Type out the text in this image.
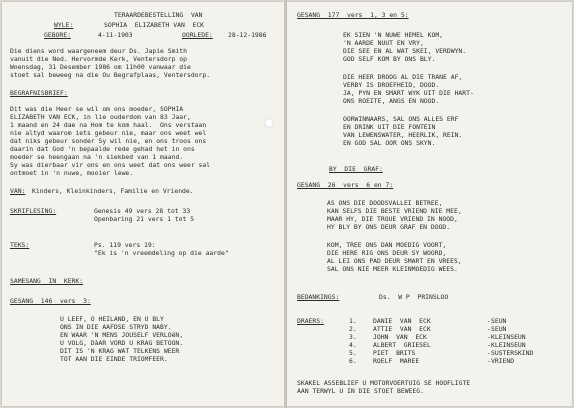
TERAARDEBESTELLING  VAN
WYLE:	SOPHIA  ELIZABETH VAN  ECK
GEBORE:	4-11-1903	OORLEDE: 28-12-1986
Die diens word waargeneem deur Ds. Japie Smith
vanuit die Ned. Hervormde Kerk, Ventersdorp op
Woensdag, 31 Desember 1986 om 11h00 vanwaar die
stoet sal beweeg na die Ou Begrafplaas, Ventersdorp.
BEGRAFNISBRIEF:
Dit was die Heer se wil om ons moeder, SOPHIA
ELIZABETH VAN ECK, in lie ouderdom van 83 Jaar,
1 maand en 24 dae na Hom te kom haal.  Ons verstaan
nie altyd waarom iets gebeur nie, maar ons weet wel
dat niks gebeur sonder Sy wil nie, en ons troos ons
daarin dat God 'n bepaalde rede gehad het in ons
moeder se heengaan na 'n siekbed van 1 maand.
Sy was dierbaar vir ons en ons weet dat ons weer sal
ontmoet in 'n nuwe, mooier lewe.
VAN: Kinders, Kleinkinders, Familie en Vriende.
SKRIFLESING:	Genesis 49 vers 28 tot 33
Openbaring 21 vers 1 tot 5
TEKS:	Ps. 119 vers 19:
"Ek is 'n vreemdeling op die aarde"
SAMESANG  IN  KERK:
GESANG  146  vers  3:
U LEEF, O HEILAND, EN U BLY
ONS IN DIE AAFDSE STRYD NABY.
EN WAAR 'N MENS JOUSELF VERLOëN,
U VOLG, DàAR VORD U KRAG BETOON.
DIT IS 'N KRAG WAT TELKENS WEER
TOT AAN DIE EINDE TRIOMFEER.
GESANG  177  vers  1, 3 en 5:
EK SIEN 'N NUWE HEMEL KOM,
'N AARDE NUUT EN VRY,
DIE SEE EN AL WAT SKEI, VERDWYN.
GOD SELF KOM BY ONS BLY.
DIE HEER DROOG AL DIE TRANE AF,
VERBY IS DROEFHEID, DOOD.
JA, PYN EN SMART WYK UIT DIE HART-
ONS ROEITE, ANGS EN NOOD.
OORWINNAARS, SAL ONS ALLES ERF
EN DRINK UIT DIE FONTEIN
VAN LEWENSWATER, HEERLIK, REIN.
EN GOD SAL OOR ONS SKYN.
BY  DIE  GRAF:
GESANG  26  vers  6 en 7:
AS ONS DIE DOODSVALLEI BETREE,
KAN SELFS DIE BESTE VRIEND NIE MEE,
MAAR HY, DIE TROUE VRIEND IN NOOD,
HY BLY BY ONS DEUR GRAF EN DOOD.
KOM, TREE ONS DAN MOEDIG VOORT,
DIE HERE RIG ONS DEUR SY WOORD,
AL LEI ONS PAD DEUR SMART EN VREES,
SAL ONS NIE MEER KLEINMOEDIG WEES.
BEDANKINGS:	Ds.  W P  PRINSLOO
DRAERS:	1.	DANIE  VAN  ECK	SEUN
2.	ATTIE  VAN  ECK	SEUN
3.	JOHN  VAN  ECK	KLEINSEUN
4.	ALBERT  GRIESEL	KLEINSEUN
5.	PIET  BRITS	SUSTERSKIND
6.	ROELF  MAREE	VRIEND
-
-
-
-
-
-
SKAKEL ASSEBLIEF U MOTORVOERTUIG SE HOOFLIGTE
AAN TERWYL U IN DIE STOET BEWEEG.
